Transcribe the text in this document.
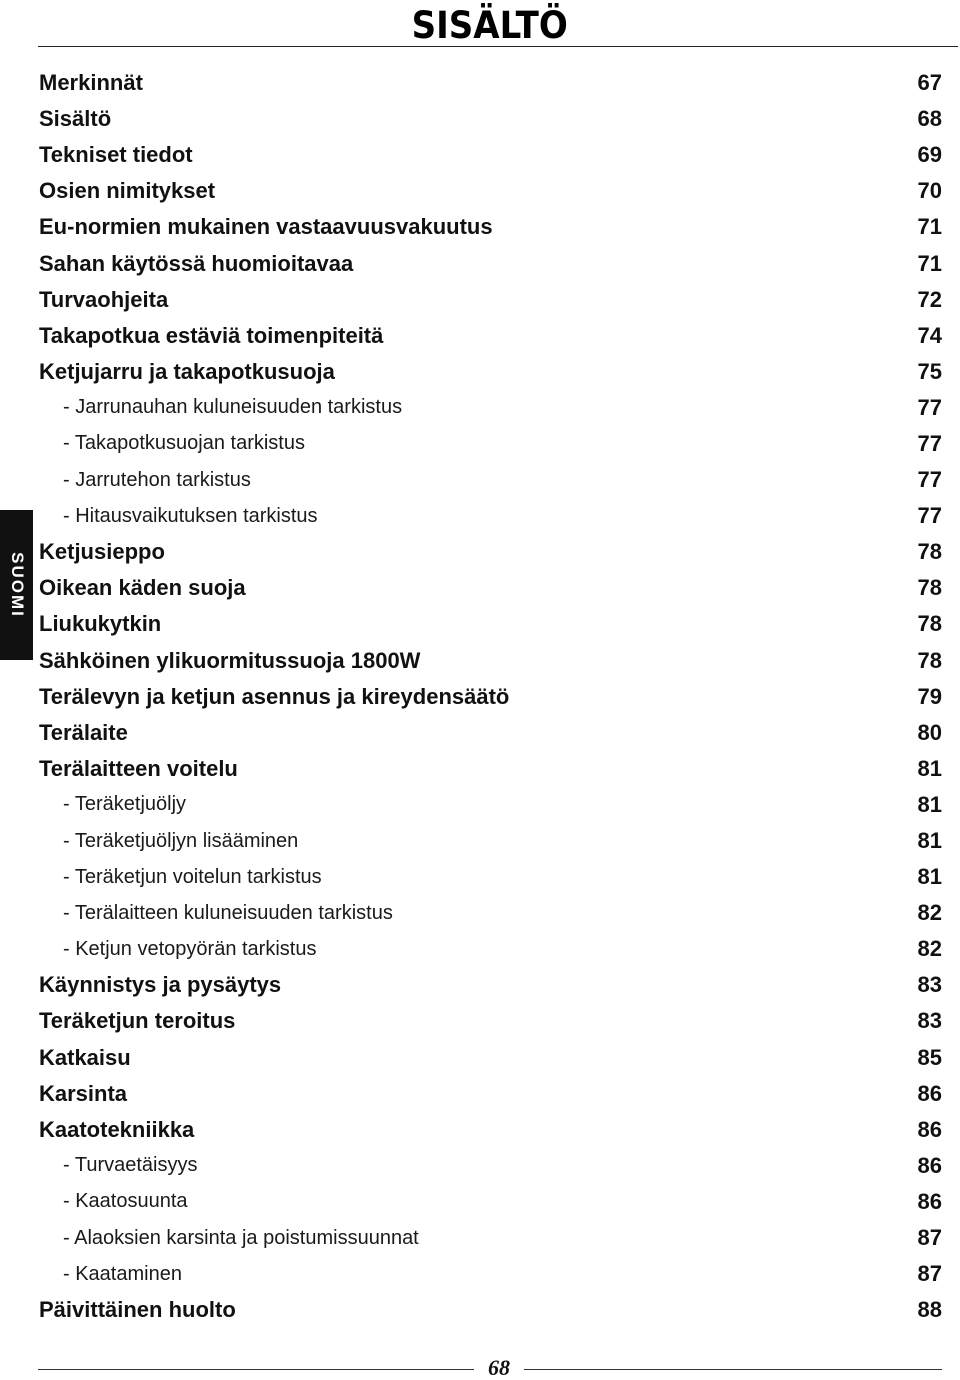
SISÄLTÖ
SUOMI
Merkinnät	67
Sisältö	68
Tekniset tiedot	69
Osien nimitykset	70
Eu-normien mukainen vastaavuusvakuutus	71
Sahan käytössä huomioitavaa	71
Turvaohjeita	72
Takapotkua estäviä toimenpiteitä	74
Ketjujarru ja takapotkusuoja	75
- Jarrunauhan kuluneisuuden tarkistus	77
- Takapotkusuojan tarkistus	77
- Jarrutehon tarkistus	77
- Hitausvaikutuksen tarkistus	77
Ketjusieppo	78
Oikean käden suoja	78
Liukukytkin	78
Sähköinen ylikuormitussuoja 1800W	78
Terälevyn ja ketjun asennus ja kireydensäätö	79
Terälaite	80
Terälaitteen voitelu	81
- Teräketjuöljy	81
- Teräketjuöljyn lisääminen	81
- Teräketjun voitelun tarkistus	81
- Terälaitteen kuluneisuuden tarkistus	82
- Ketjun vetopyörän tarkistus	82
Käynnistys ja pysäytys	83
Teräketjun teroitus	83
Katkaisu	85
Karsinta	86
Kaatotekniikka	86
- Turvaetäisyys	86
- Kaatosuunta	86
- Alaoksien karsinta ja poistumissuunnat	87
- Kaataminen	87
Päivittäinen huolto	88
68
